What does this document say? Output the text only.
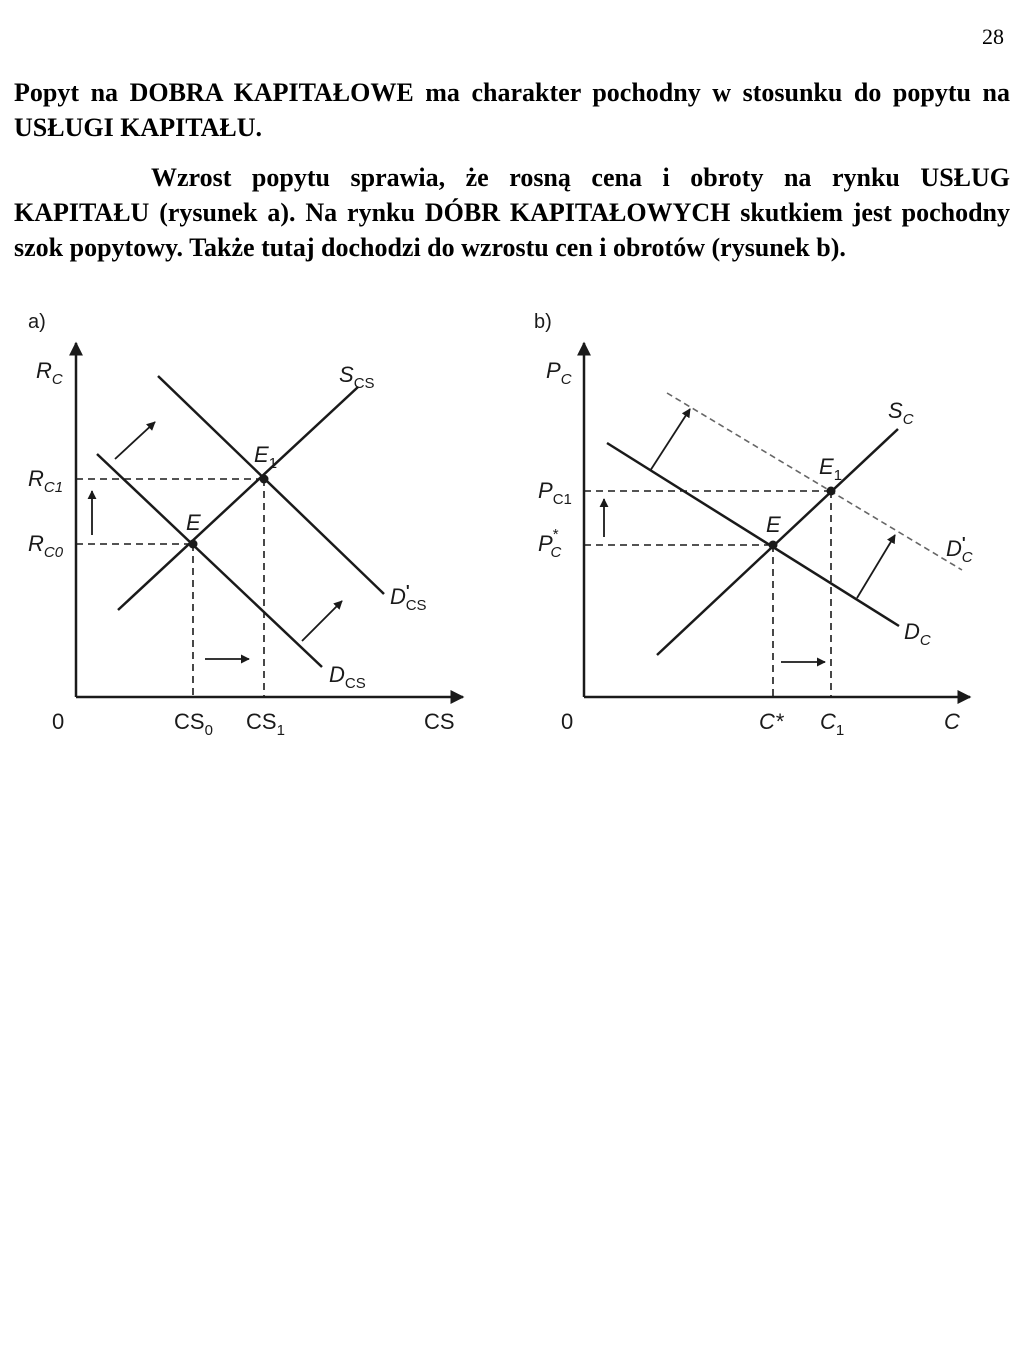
28

Popyt na DOBRA KAPITAŁOWE ma charakter pochodny w stosunku do popytu na USŁUGI KAPITAŁU.

Wzrost popytu sprawia, że rosną cena i obroty na rynku USŁUG KAPITAŁU (rysunek a). Na rynku DÓBR KAPITAŁOWYCH skutkiem jest pochodny szok popytowy. Także tutaj dochodzi do wzrostu cen i obrotów (rysunek b).

a)
$R_C$
CS
0
$R_{C1}$
$R_{C0}$
$CS_0$ $CS_1$
$S_{CS}$
$D_{CS}$
D' CS
E
$E_1$
b)
$P_C$
C
0
$P_{C1}$
P* C
C* $C_1$
$S_C$
$D_C$
D' C
E
$E_1$
